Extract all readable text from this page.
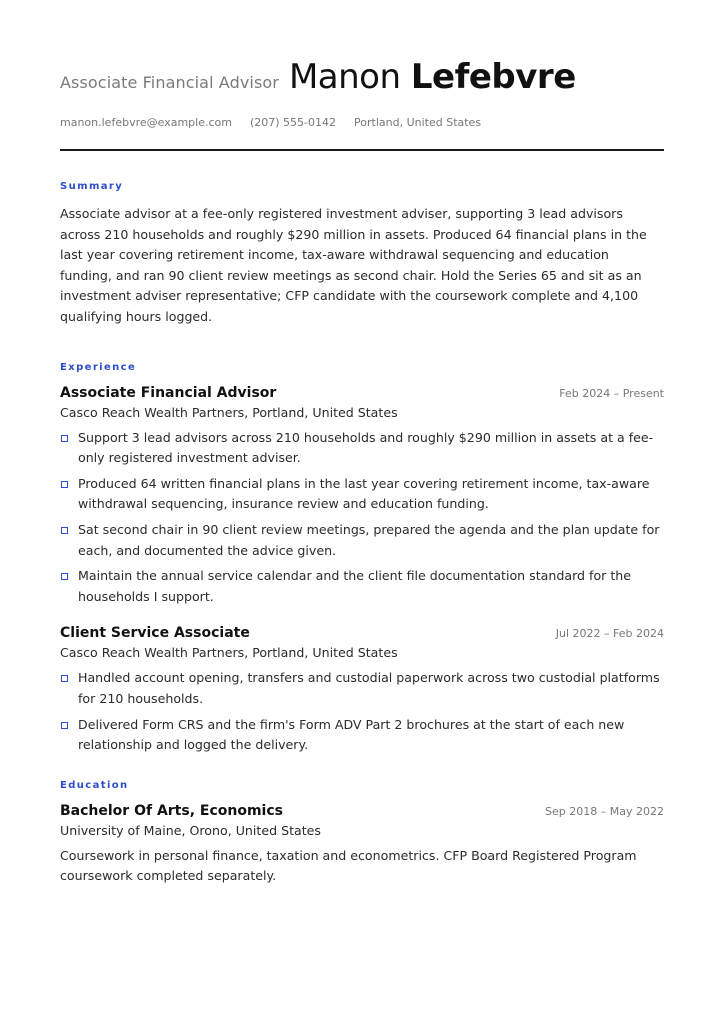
Associate Financial Advisor Manon Lefebvre
manon.lefebvre@example.com (207) 555-0142 Portland, United States
Summary

Associate advisor at a fee-only registered investment adviser, supporting 3 lead advisors across 210 households and roughly $290 million in assets. Produced 64 financial plans in the last year covering retirement income, tax-aware withdrawal sequencing and education funding, and ran 90 client review meetings as second chair. Hold the Series 65 and sit as an investment adviser representative; CFP candidate with the coursework complete and 4,100 qualifying hours logged.

Experience
Associate Financial Advisor	Feb 2024 – Present
Casco Reach Wealth Partners, Portland, United States
Support 3 lead advisors across 210 households and roughly $290 million in assets at a fee-only registered investment adviser.
Produced 64 written financial plans in the last year covering retirement income, tax-aware withdrawal sequencing, insurance review and education funding.
Sat second chair in 90 client review meetings, prepared the agenda and the plan update for each, and documented the advice given.
Maintain the annual service calendar and the client file documentation standard for the households I support.
Client Service Associate	Jul 2022 – Feb 2024
Casco Reach Wealth Partners, Portland, United States
Handled account opening, transfers and custodial paperwork across two custodial platforms for 210 households.
Delivered Form CRS and the firm's Form ADV Part 2 brochures at the start of each new relationship and logged the delivery.
Education
Bachelor Of Arts, Economics	Sep 2018 – May 2022
University of Maine, Orono, United States

Coursework in personal finance, taxation and econometrics. CFP Board Registered Program coursework completed separately.
